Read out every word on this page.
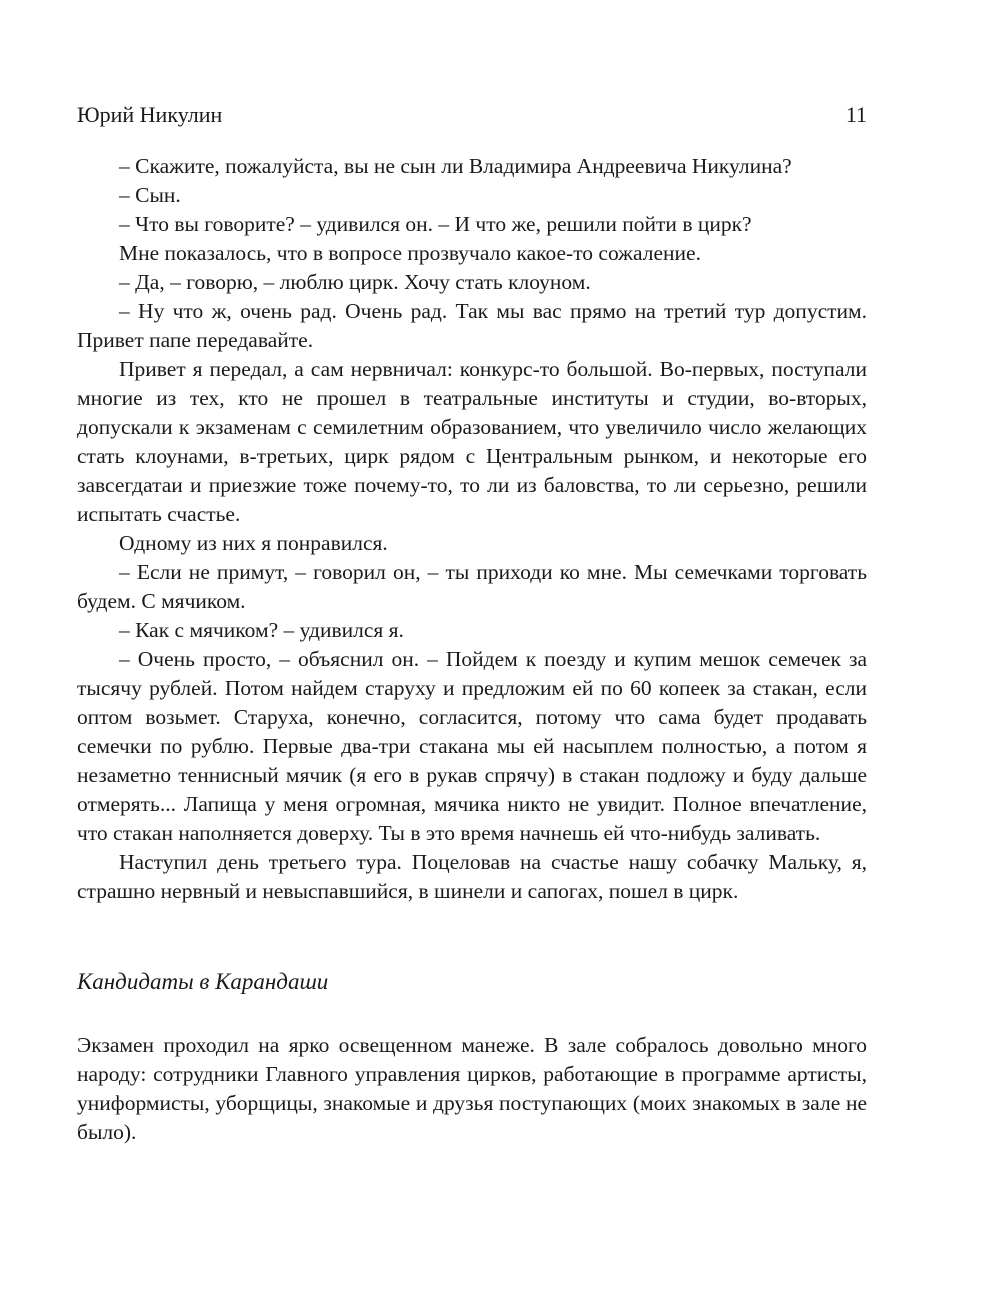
Юрий Никулин	11

– Скажите, пожалуйста, вы не сын ли Владимира Андреевича Никулина?

– Сын.

– Что вы говорите? – удивился он. – И что же, решили пойти в цирк?

Мне показалось, что в вопросе прозвучало какое-то сожаление.

– Да, – говорю, – люблю цирк. Хочу стать клоуном.

– Ну что ж, очень рад. Очень рад. Так мы вас прямо на третий тур допустим. Привет папе передавайте.

Привет я передал, а сам нервничал: конкурс-то большой. Во-первых, поступали многие из тех, кто не прошел в театральные институты и студии, во-вторых, допускали к экзаменам с семилетним образованием, что увеличило число желающих стать клоунами, в-третьих, цирк рядом с Центральным рынком, и некоторые его завсегдатаи и приезжие тоже почему-то, то ли из баловства, то ли серьезно, решили испытать счастье.

Одному из них я понравился.

– Если не примут, – говорил он, – ты приходи ко мне. Мы семечками торговать будем. С мячиком.

– Как с мячиком? – удивился я.

– Очень просто, – объяснил он. – Пойдем к поезду и купим мешок семечек за тысячу рублей. Потом найдем старуху и предложим ей по 60 копеек за стакан, если оптом возьмет. Старуха, конечно, согласится, потому что сама будет продавать семечки по рублю. Первые два-три стакана мы ей насыплем полностью, а потом я незаметно теннисный мячик (я его в рукав спрячу) в стакан подложу и буду дальше отмерять... Лапища у меня огромная, мячика никто не увидит. Полное впечатление, что стакан наполняется доверху. Ты в это время начнешь ей что-нибудь заливать.

Наступил день третьего тура. Поцеловав на счастье нашу собачку Мальку, я, страшно нервный и невыспавшийся, в шинели и сапогах, пошел в цирк.

Кандидаты в Карандаши

Экзамен проходил на ярко освещенном манеже. В зале собралось довольно много народу: сотрудники Главного управления цирков, работающие в программе артисты, униформисты, уборщицы, знакомые и друзья поступающих (моих знакомых в зале не было).
